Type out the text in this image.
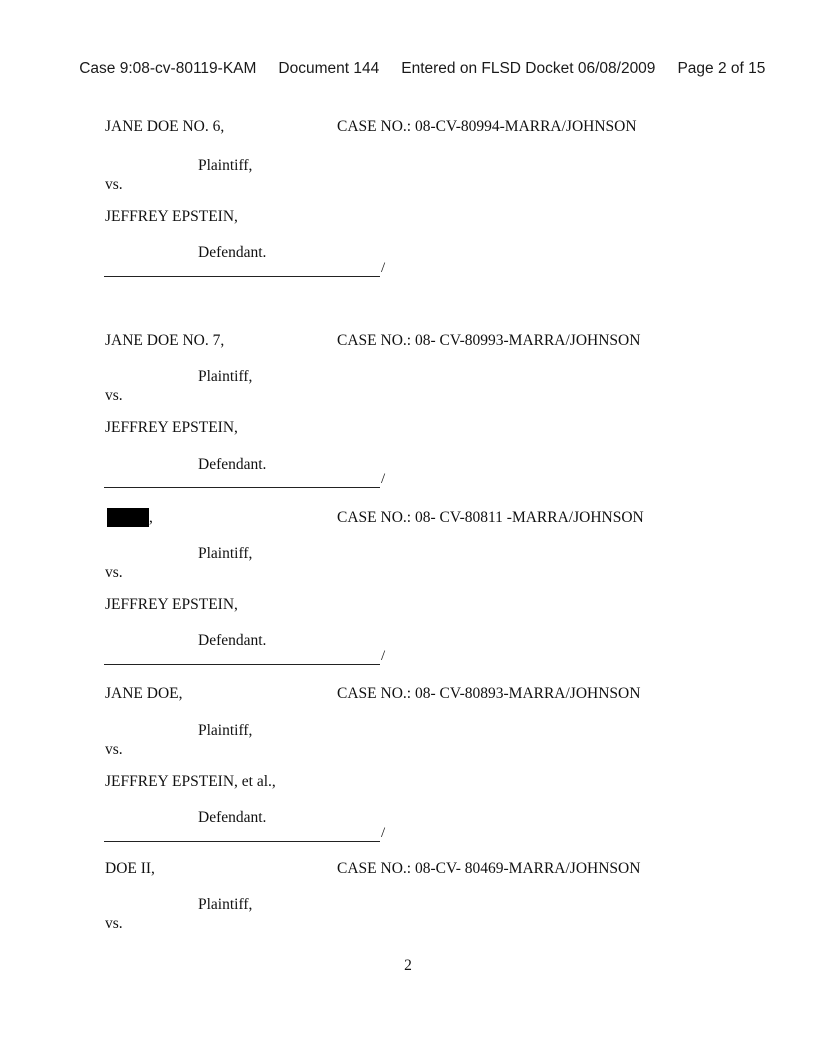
Case 9:08-cv-80119-KAM Document 144 Entered on FLSD Docket 06/08/2009 Page 2 of 15

JANE DOE NO. 6,	CASE NO.: 08-CV-80994-MARRA/JOHNSON
Plaintiff,
vs.
JEFFREY EPSTEIN,
Defendant.
/
JANE DOE NO. 7,	CASE NO.: 08- CV-80993-MARRA/JOHNSON
Plaintiff,
vs.
JEFFREY EPSTEIN,
Defendant.
/
,	CASE NO.: 08- CV-80811 -MARRA/JOHNSON
Plaintiff,
vs.
JEFFREY EPSTEIN,
Defendant.
/
JANE DOE,	CASE NO.: 08- CV-80893-MARRA/JOHNSON
Plaintiff,
vs.
JEFFREY EPSTEIN, et al.,
Defendant.
/
DOE II,	CASE NO.: 08-CV- 80469-MARRA/JOHNSON
Plaintiff,
vs.
2
